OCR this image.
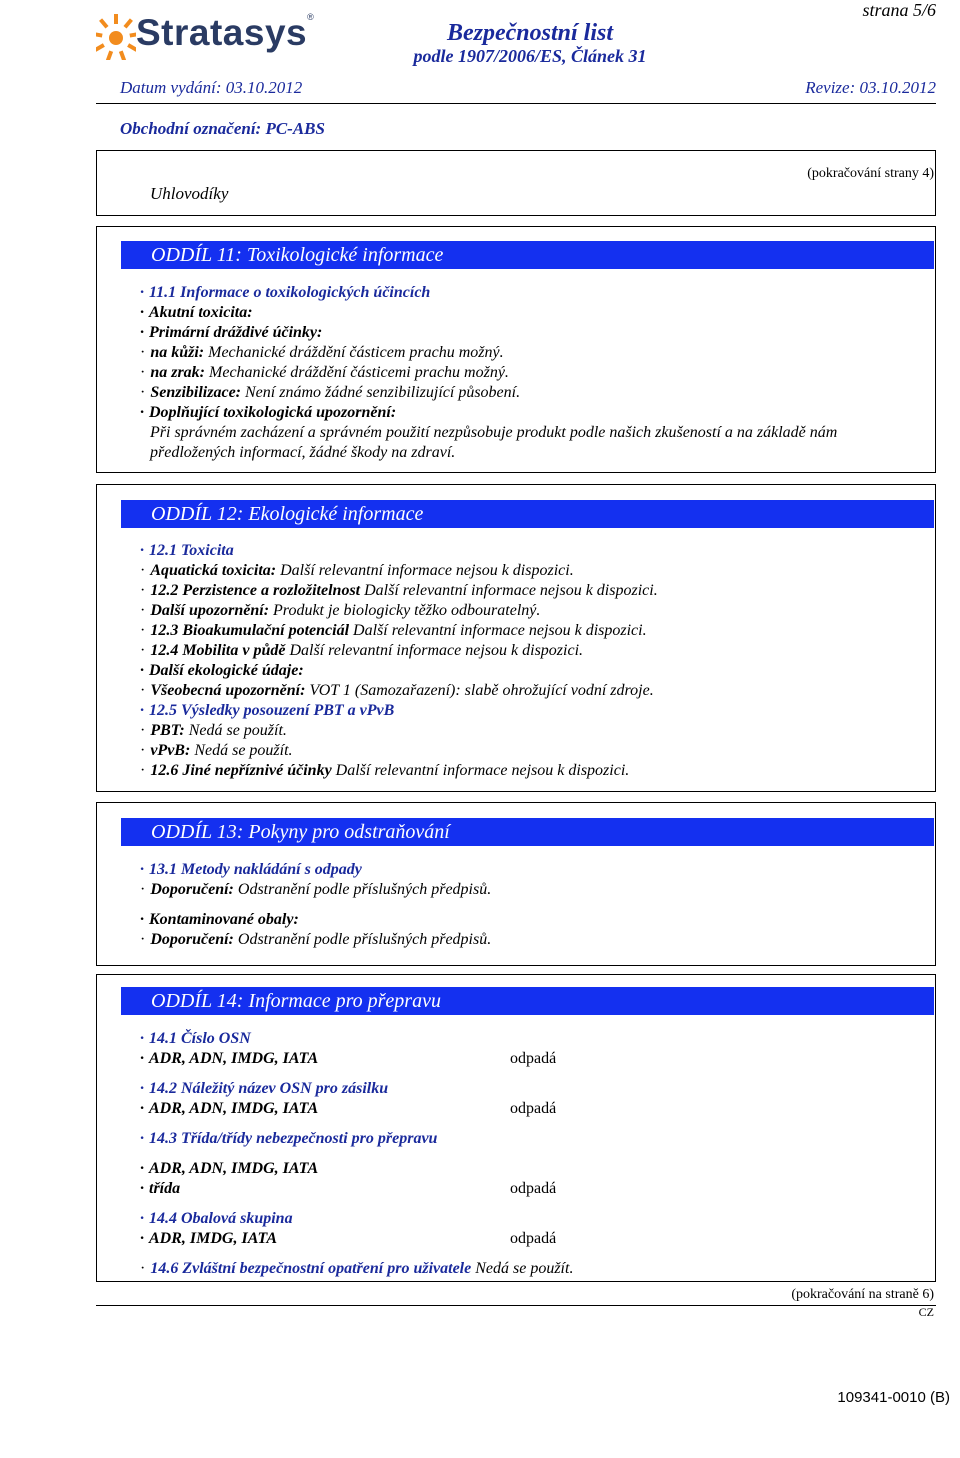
Stratasys®	strana 5/6
Bezpečnostní list
podle 1907/2006/ES, Článek 31
Datum vydání: 03.10.2012	Revize: 03.10.2012
Obchodní označení: PC-ABS
Uhlovodíky
(pokračování strany 4)
ODDÍL 11: Toxikologické informace
· 11.1 Informace o toxikologických účincích
· Akutní toxicita:
· Primární dráždivé účinky:
· na kůži: Mechanické dráždění částicem prachu možný.
· na zrak: Mechanické dráždění částicemi prachu možný.
· Senzibilizace: Není známo žádné senzibilizující působení.
· Doplňující toxikologická upozornění:
Při správném zacházení a správném použití nezpůsobuje produkt podle našich zkušeností a na základě nám
předložených informací, žádné škody na zdraví.
ODDÍL 12: Ekologické informace
· 12.1 Toxicita
· Aquatická toxicita: Další relevantní informace nejsou k dispozici.
· 12.2 Perzistence a rozložitelnost Další relevantní informace nejsou k dispozici.
· Další upozornění: Produkt je biologicky těžko odbouratelný.
· 12.3 Bioakumulační potenciál Další relevantní informace nejsou k dispozici.
· 12.4 Mobilita v půdě Další relevantní informace nejsou k dispozici.
· Další ekologické údaje:
· Všeobecná upozornění: VOT 1 (Samozařazení): slabě ohrožující vodní zdroje.
· 12.5 Výsledky posouzení PBT a vPvB
· PBT: Nedá se použít.
· vPvB: Nedá se použít.
· 12.6 Jiné nepříznivé účinky Další relevantní informace nejsou k dispozici.
ODDÍL 13: Pokyny pro odstraňování
· 13.1 Metody nakládání s odpady
· Doporučení: Odstranění podle příslušných předpisů.
· Kontaminované obaly:
· Doporučení: Odstranění podle příslušných předpisů.
ODDÍL 14: Informace pro přepravu
· 14.1 Číslo OSN
· ADR, ADN, IMDG, IATA	odpadá
· 14.2 Náležitý název OSN pro zásilku
· ADR, ADN, IMDG, IATA	odpadá
· 14.3 Třída/třídy nebezpečnosti pro přepravu
· ADR, ADN, IMDG, IATA
· třída	odpadá
· 14.4 Obalová skupina
· ADR, IMDG, IATA	odpadá
· 14.6 Zvláštní bezpečnostní opatření pro uživatele Nedá se použít.
(pokračování na straně 6)
CZ
109341-0010 (B)
